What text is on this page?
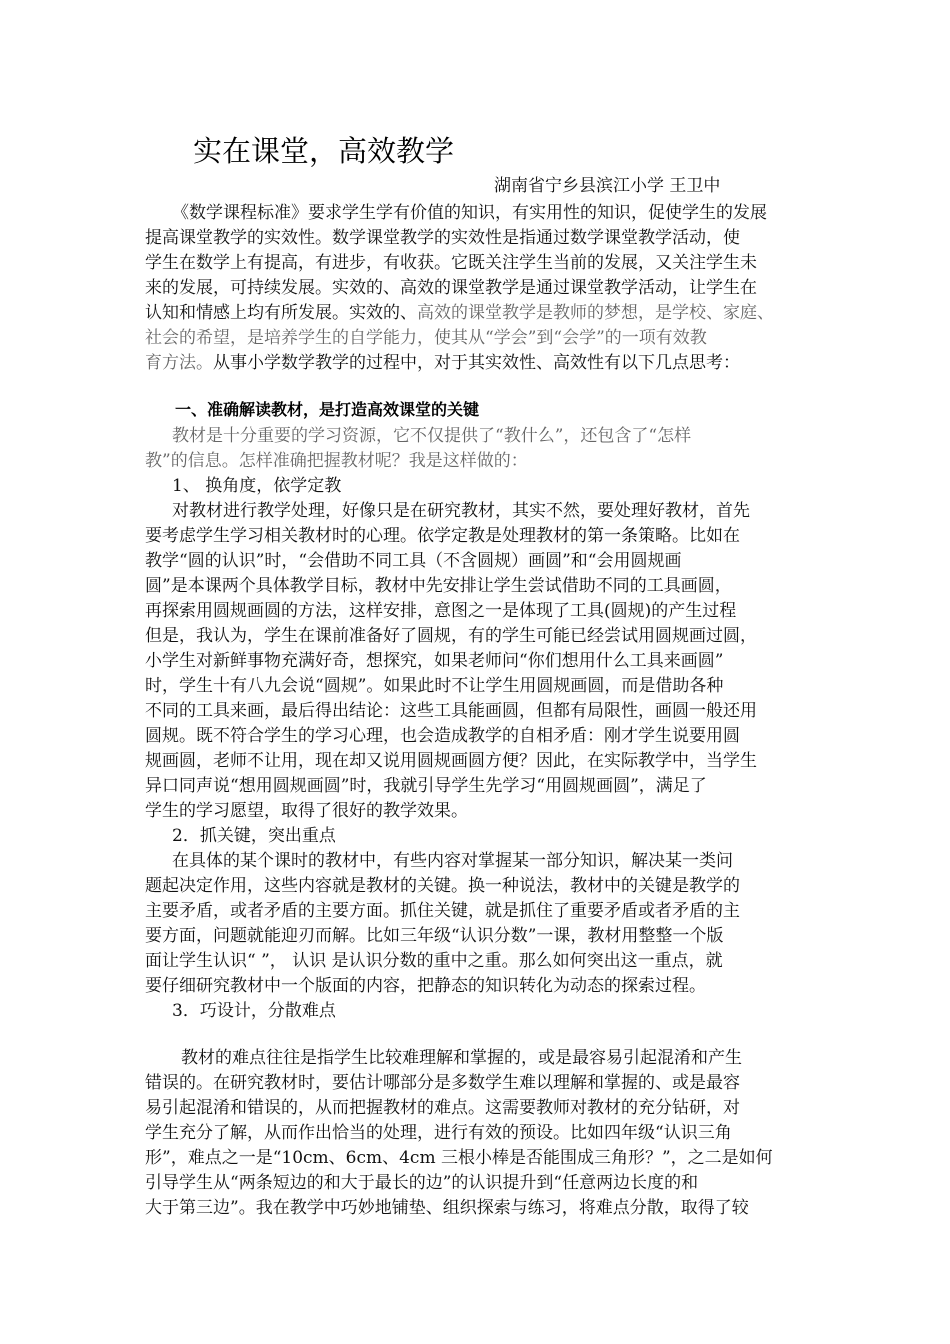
实在课堂，高效教学
湖南省宁乡县滨江小学 王卫中
《数学课程标准》要求学生学有价值的知识，有实用性的知识，促使学生的发展
提高课堂教学的实效性。数学课堂教学的实效性是指通过数学课堂教学活动，使
学生在数学上有提高，有进步，有收获。它既关注学生当前的发展，又关注学生未
来的发展，可持续发展。实效的、高效的课堂教学是通过课堂教学活动，让学生在
认知和情感上均有所发展。实效的、高效的课堂教学是教师的梦想，是学校、家庭、
社会的希望，是培养学生的自学能力，使其从“学会”到“会学”的一项有效教
育方法。从事小学数学教学的过程中，对于其实效性、高效性有以下几点思考：
一、准确解读教材，是打造高效课堂的关键
教材是十分重要的学习资源，它不仅提供了“教什么”，还包含了“怎样
教”的信息。怎样准确把握教材呢？我是这样做的：
1、 换角度，依学定教
对教材进行教学处理，好像只是在研究教材，其实不然，要处理好教材，首先
要考虑学生学习相关教材时的心理。依学定教是处理教材的第一条策略。比如在
教学“圆的认识”时，“会借助不同工具（不含圆规）画圆”和“会用圆规画
圆”是本课两个具体教学目标，教材中先安排让学生尝试借助不同的工具画圆，
再探索用圆规画圆的方法，这样安排，意图之一是体现了工具(圆规)的产生过程
但是，我认为，学生在课前准备好了圆规，有的学生可能已经尝试用圆规画过圆，
小学生对新鲜事物充满好奇，想探究，如果老师问“你们想用什么工具来画圆”
时，学生十有八九会说“圆规”。如果此时不让学生用圆规画圆，而是借助各种
不同的工具来画，最后得出结论：这些工具能画圆，但都有局限性，画圆一般还用
圆规。既不符合学生的学习心理，也会造成教学的自相矛盾：刚才学生说要用圆
规画圆，老师不让用，现在却又说用圆规画圆方便？因此，在实际教学中，当学生
异口同声说“想用圆规画圆”时，我就引导学生先学习“用圆规画圆”，满足了
学生的学习愿望，取得了很好的教学效果。
2．抓关键，突出重点
在具体的某个课时的教材中，有些内容对掌握某一部分知识，解决某一类问
题起决定作用，这些内容就是教材的关键。换一种说法，教材中的关键是教学的
主要矛盾，或者矛盾的主要方面。抓住关键，就是抓住了重要矛盾或者矛盾的主
要方面，问题就能迎刃而解。比如三年级“认识分数”一课，教材用整整一个版
面让学生认识“ ”， 认识 是认识分数的重中之重。那么如何突出这一重点，就
要仔细研究教材中一个版面的内容，把静态的知识转化为动态的探索过程。
3．巧设计，分散难点
教材的难点往往是指学生比较难理解和掌握的，或是最容易引起混淆和产生
错误的。在研究教材时，要估计哪部分是多数学生难以理解和掌握的、或是最容
易引起混淆和错误的，从而把握教材的难点。这需要教师对教材的充分钻研，对
学生充分了解，从而作出恰当的处理，进行有效的预设。比如四年级“认识三角
形”，难点之一是“10cm、6cm、4cm 三根小棒是否能围成三角形？”，之二是如何
引导学生从“两条短边的和大于最长的边”的认识提升到“任意两边长度的和
大于第三边”。我在教学中巧妙地铺垫、组织探索与练习，将难点分散，取得了较
